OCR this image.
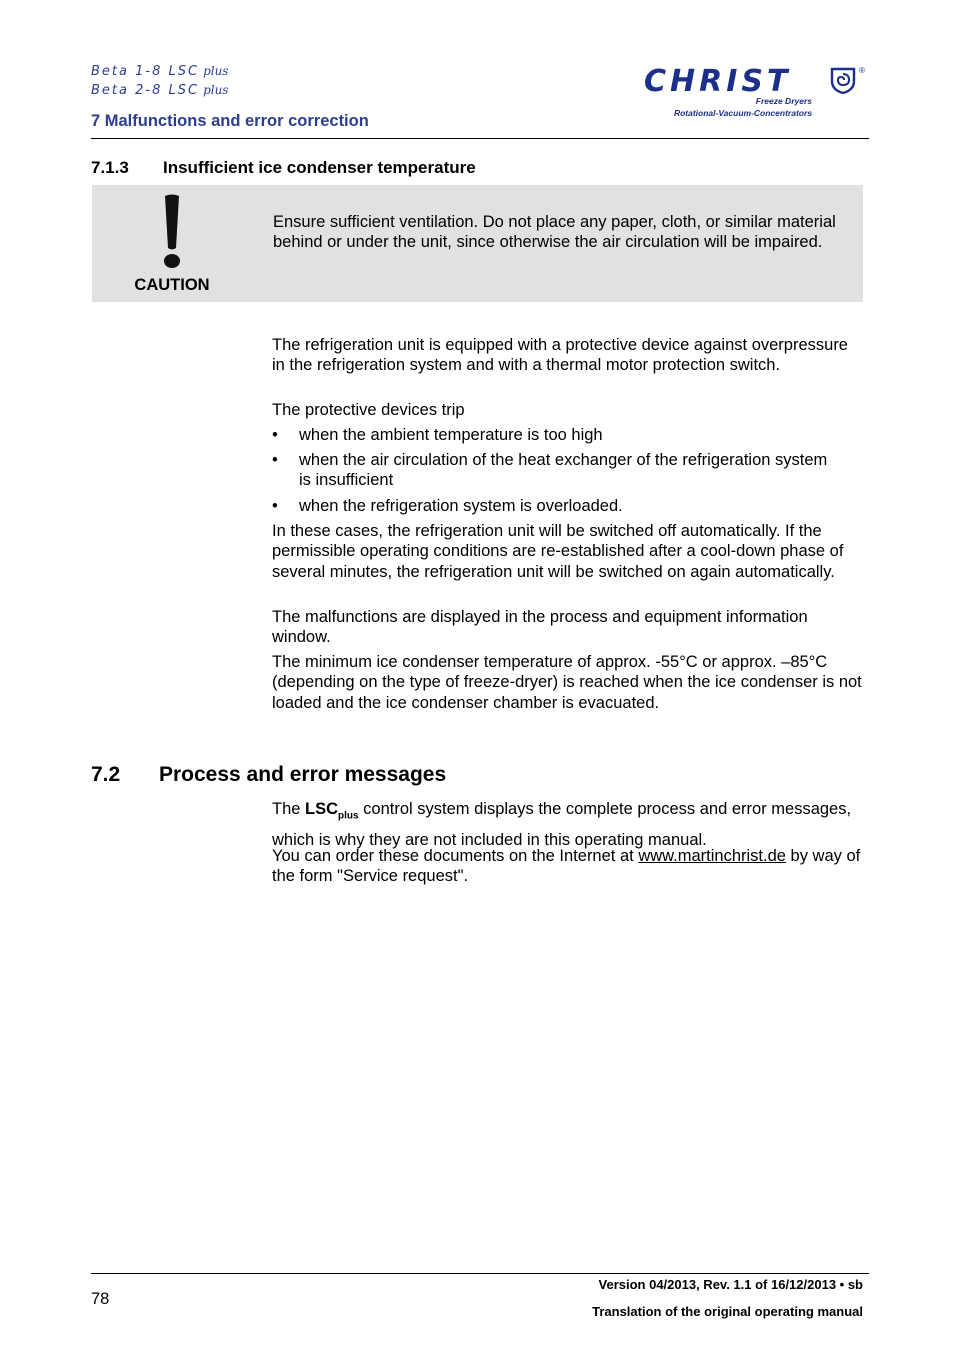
Beta 1-8 LSC plus
Beta 2-8 LSC plus
7 Malfunctions and error correction
CHRIST	®
Freeze Dryers
Rotational-Vacuum-Concentrators
7.1.3 Insufficient ice condenser temperature
CAUTION
Ensure sufficient ventilation. Do not place any paper, cloth, or similar material behind or under the unit, since otherwise the air circulation will be impaired.
The refrigeration unit is equipped with a protective device against overpressure in the refrigeration system and with a thermal motor protection switch.
The protective devices trip
• when the ambient temperature is too high
• when the air circulation of the heat exchanger of the refrigeration system is insufficient
• when the refrigeration system is overloaded.
In these cases, the refrigeration unit will be switched off automatically. If the permissible operating conditions are re-established after a cool-down phase of several minutes, the refrigeration unit will be switched on again automatically.
The malfunctions are displayed in the process and equipment information window.
The minimum ice condenser temperature of approx. -55°C or approx. –85°C (depending on the type of freeze-dryer) is reached when the ice condenser is not loaded and the ice condenser chamber is evacuated.
7.2 Process and error messages
The $LSC_{plus}$ control system displays the complete process and error messages, which is why they are not included in this operating manual.
You can order these documents on the Internet at www.martinchrist.de by way of the form "Service request".
78
Version 04/2013, Rev. 1.1 of 16/12/2013 • sb
Translation of the original operating manual
